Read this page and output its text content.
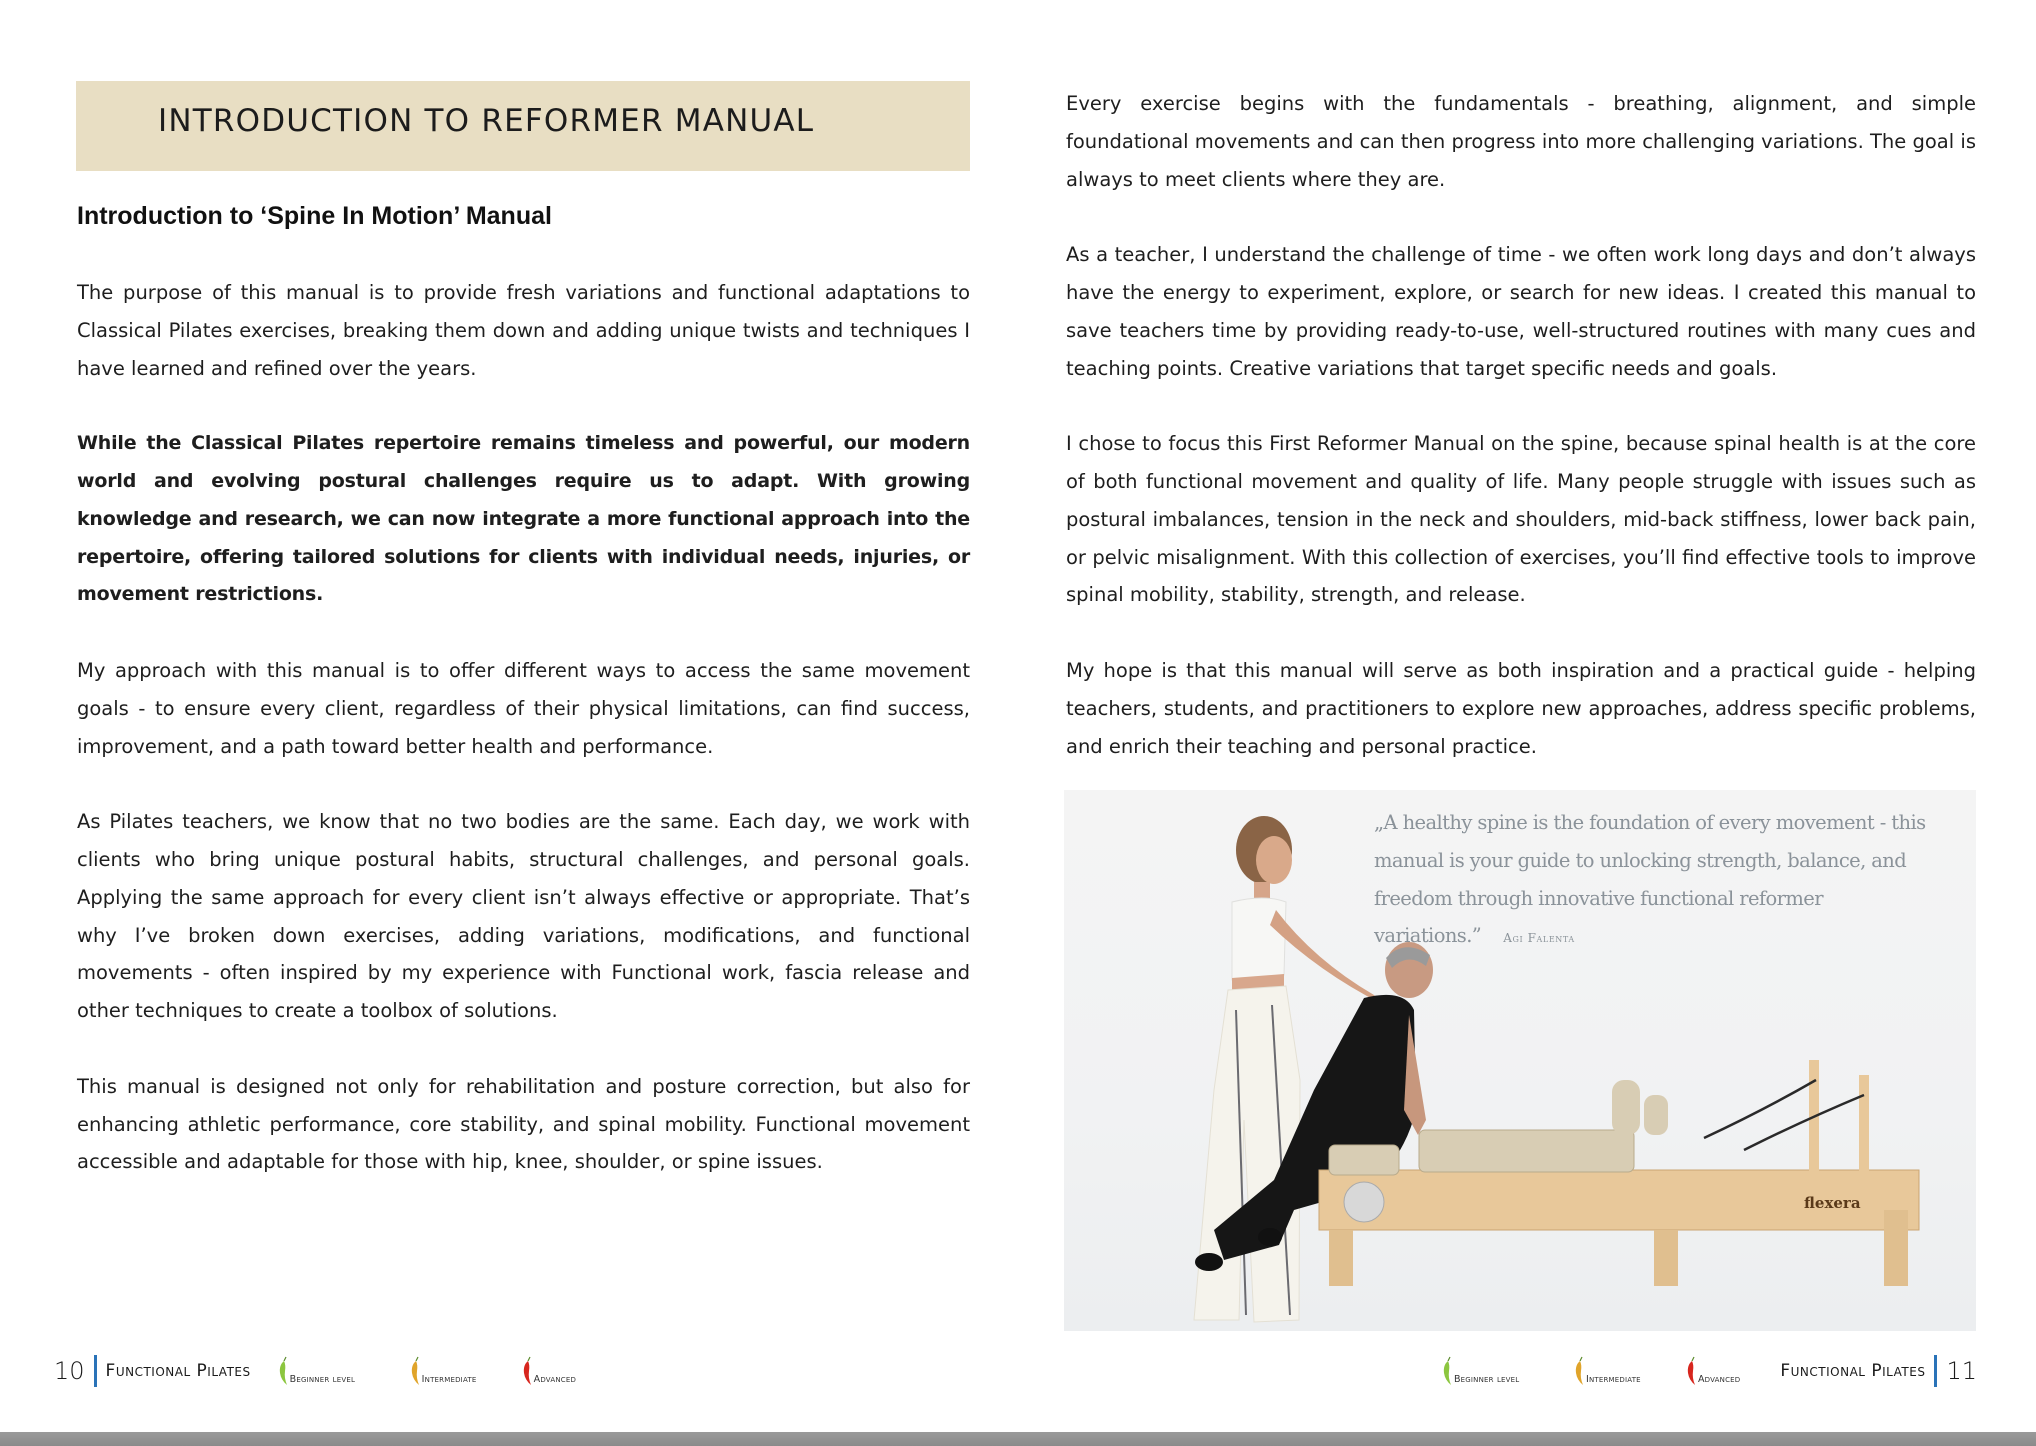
INTRODUCTION TO REFORMER MANUAL
Introduction to ‘Spine In Motion’ Manual

The purpose of this manual is to provide fresh variations and functional adaptations to Classical Pilates exercises, breaking them down and adding unique twists and techniques I have learned and refined over the years.

While the Classical Pilates repertoire remains timeless and powerful, our modern world and evolving postural challenges require us to adapt. With growing knowledge and research, we can now integrate a more functional approach into the repertoire, offering tailored solutions for clients with individual needs, injuries, or movement restrictions.

My approach with this manual is to offer different ways to access the same movement goals - to ensure every client, regardless of their physical limitations, can find success, improvement, and a path toward better health and performance.

As Pilates teachers, we know that no two bodies are the same. Each day, we work with clients who bring unique postural habits, structural challenges, and personal goals. Applying the same approach for every client isn’t always effective or appropriate. That’s why I’ve broken down exercises, adding variations, modifications, and functional movements - often inspired by my experience with Functional work, fascia release and other techniques to create a toolbox of solutions.

This manual is designed not only for rehabilitation and posture correction, but also for enhancing athletic performance, core stability, and spinal mobility. Functional movement accessible and adaptable for those with hip, knee, shoulder, or spine issues.

10 Functional Pilates	Beginner level	Intermediate	Advanced

Every exercise begins with the fundamentals - breathing, alignment, and simple foundational movements and can then progress into more challenging variations. The goal is always to meet clients where they are.

As a teacher, I understand the challenge of time - we often work long days and don’t always have the energy to experiment, explore, or search for new ideas. I created this manual to save teachers time by providing ready-to-use, well-structured routines with many cues and teaching points. Creative variations that target specific needs and goals.

I chose to focus this First Reformer Manual on the spine, because spinal health is at the core of both functional movement and quality of life. Many people struggle with issues such as postural imbalances, tension in the neck and shoulders, mid-back stiffness, lower back pain, or pelvic misalignment. With this collection of exercises, you’ll find effective tools to improve spinal mobility, stability, strength, and release.

My hope is that this manual will serve as both inspiration and a practical guide - helping teachers, students, and practitioners to explore new approaches, address specific problems, and enrich their teaching and personal practice.

flexera
„A healthy spine is the foundation of every movement - this manual is your guide to unlocking strength, balance, and freedom through innovative functional reformer variations.” Agi Falenta
Beginner level	Intermediate	Advanced Functional Pilates 11
